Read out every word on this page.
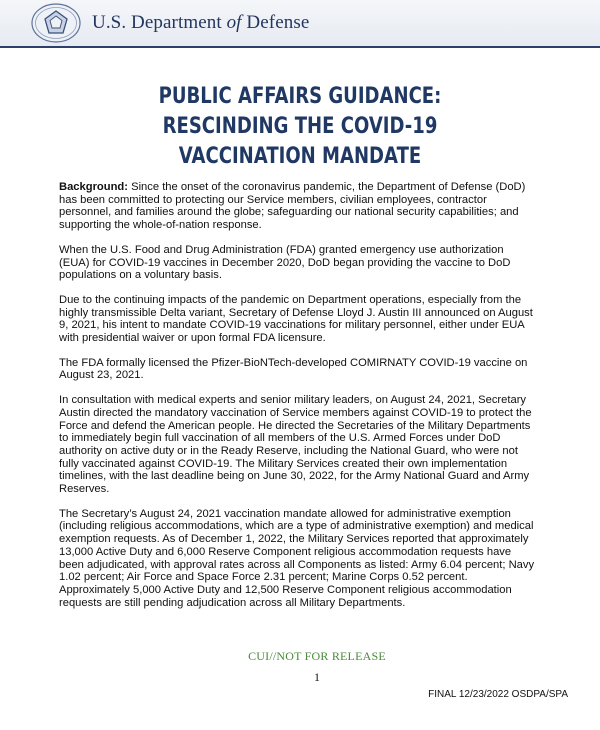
U.S. Department of Defense
PUBLIC AFFAIRS GUIDANCE:
RESCINDING THE COVID-19
VACCINATION MANDATE

Background: Since the onset of the coronavirus pandemic, the Department of Defense (DoD) has been committed to protecting our Service members, civilian employees, contractor personnel, and families around the globe; safeguarding our national security capabilities; and supporting the whole-of-nation response.

When the U.S. Food and Drug Administration (FDA) granted emergency use authorization (EUA) for COVID-19 vaccines in December 2020, DoD began providing the vaccine to DoD populations on a voluntary basis.

Due to the continuing impacts of the pandemic on Department operations, especially from the highly transmissible Delta variant, Secretary of Defense Lloyd J. Austin III announced on August 9, 2021, his intent to mandate COVID-19 vaccinations for military personnel, either under EUA with presidential waiver or upon formal FDA licensure.

The FDA formally licensed the Pfizer-BioNTech-developed COMIRNATY COVID-19 vaccine on August 23, 2021.

In consultation with medical experts and senior military leaders, on August 24, 2021, Secretary Austin directed the mandatory vaccination of Service members against COVID-19 to protect the Force and defend the American people. He directed the Secretaries of the Military Departments to immediately begin full vaccination of all members of the U.S. Armed Forces under DoD authority on active duty or in the Ready Reserve, including the National Guard, who were not fully vaccinated against COVID-19. The Military Services created their own implementation timelines, with the last deadline being on June 30, 2022, for the Army National Guard and Army Reserves.

The Secretary’s August 24, 2021 vaccination mandate allowed for administrative exemption (including religious accommodations, which are a type of administrative exemption) and medical exemption requests. As of December 1, 2022, the Military Services reported that approximately 13,000 Active Duty and 6,000 Reserve Component religious accommodation requests have been adjudicated, with approval rates across all Components as listed: Army 6.04 percent; Navy 1.02 percent; Air Force and Space Force 2.31 percent; Marine Corps 0.52 percent. Approximately 5,000 Active Duty and 12,500 Reserve Component religious accommodation requests are still pending adjudication across all Military Departments.

CUI//NOT FOR RELEASE
1
FINAL 12/23/2022 OSDPA/SPA
